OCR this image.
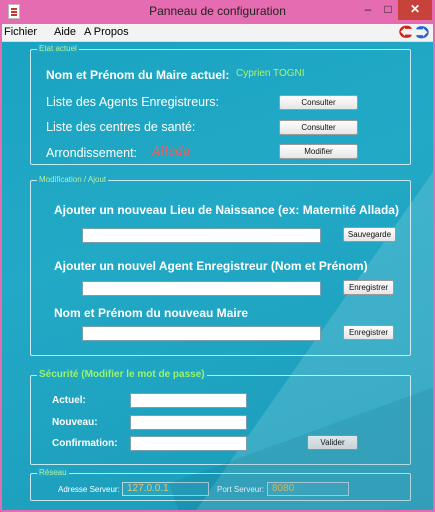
Panneau de configuration	–	□	✕
Fichier Aide A Propos	⮈ ⮊
Etat actuel
Nom et Prénom du Maire actuel: Cyprien TOGNI
Liste des Agents Enregistreurs:	Consulter
Liste des centres de santé:	Consulter
Arrondissement: Allada	Modifier
Modification / Ajout
Ajouter un nouveau Lieu de Naissance (ex: Maternité Allada)
Sauvegarde
Ajouter un nouvel Agent Enregistreur (Nom et Prénom)
Enregistrer
Nom et Prénom du nouveau Maire
Enregistrer
Sécurité (Modifier le mot de passe)
Actuel:
Nouveau:
Confirmation:	Valider
Réseau
Adresse Serveur: 127.0.0.1	Port Serveur: 8080
